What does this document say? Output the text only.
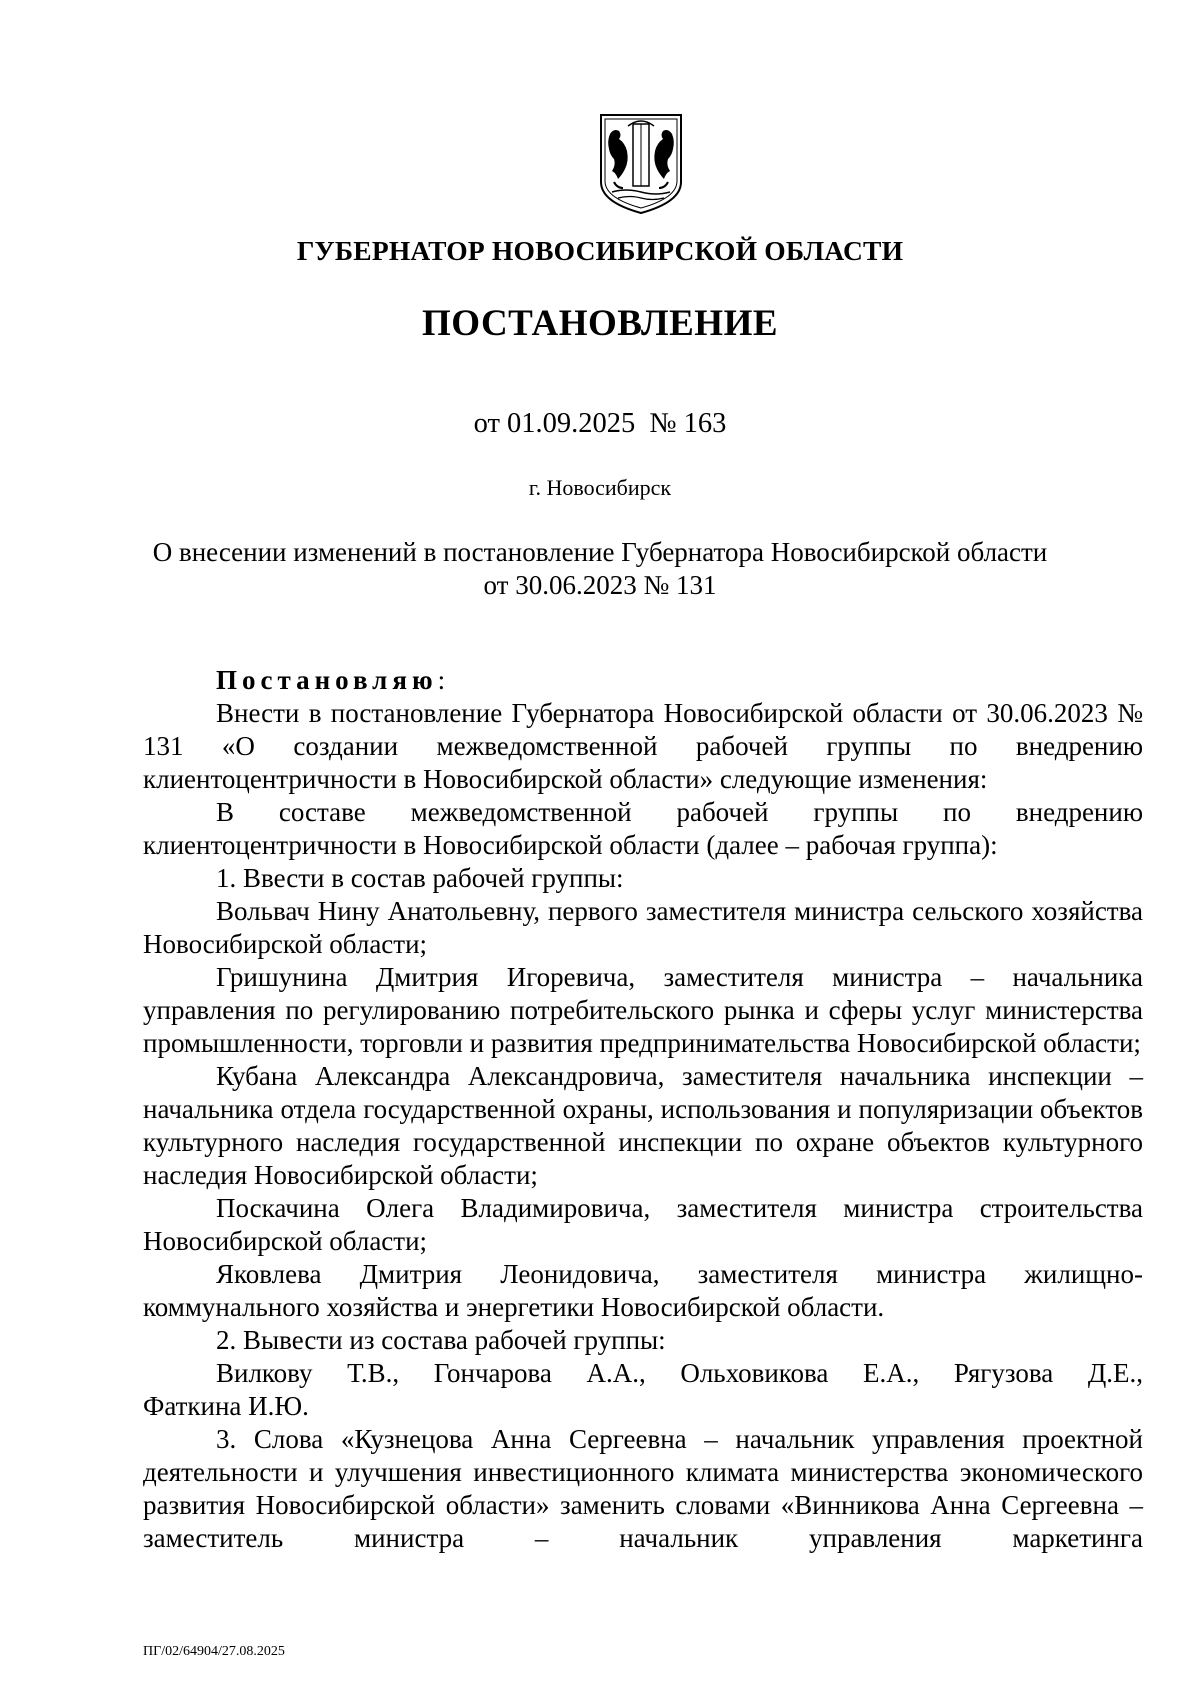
ГУБЕРНАТОР НОВОСИБИРСКОЙ ОБЛАСТИ
ПОСТАНОВЛЕНИЕ
от 01.09.2025 № 163
г. Новосибирск
О внесении изменений в постановление Губернатора Новосибирской области
от 30.06.2023 № 131

Постановляю:

Внести в постановление Губернатора Новосибирской области от 30.06.2023 № 131 «О создании межведомственной рабочей группы по внедрению клиентоцентричности в Новосибирской области» следующие изменения:

В составе межведомственной рабочей группы по внедрению клиентоцентричности в Новосибирской области (далее – рабочая группа):

1. Ввести в состав рабочей группы:

Вольвач Нину Анатольевну, первого заместителя министра сельского хозяйства Новосибирской области;

Гришунина Дмитрия Игоревича, заместителя министра – начальника управления по регулированию потребительского рынка и сферы услуг министерства промышленности, торговли и развития предпринимательства Новосибирской области;

Кубана Александра Александровича, заместителя начальника инспекции – начальника отдела государственной охраны, использования и популяризации объектов культурного наследия государственной инспекции по охране объектов культурного наследия Новосибирской области;

Поскачина Олега Владимировича, заместителя министра строительства Новосибирской области;

Яковлева Дмитрия Леонидовича, заместителя министра жилищно-коммунального хозяйства и энергетики Новосибирской области.

2. Вывести из состава рабочей группы:

Вилкову Т.В., Гончарова А.А., Ольховикова Е.А., Рягузова Д.Е.,

Фаткина И.Ю.

3. Слова «Кузнецова Анна Сергеевна – начальник управления проектной деятельности и улучшения инвестиционного климата министерства экономического развития Новосибирской области» заменить словами «Винникова Анна Сергеевна – заместитель министра – начальник управления маркетинга

ПГ/02/64904/27.08.2025
